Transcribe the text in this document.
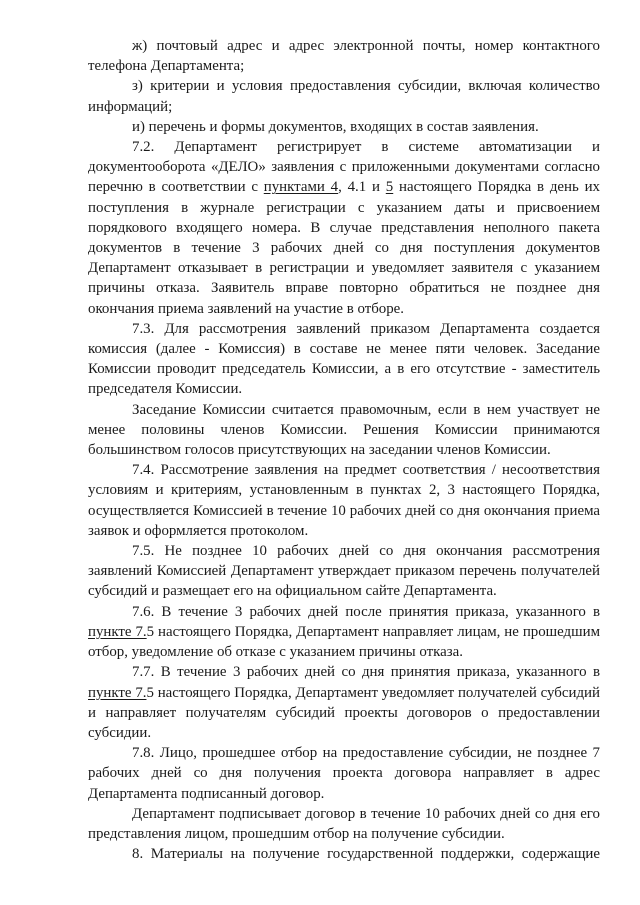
ж) почтовый адрес и адрес электронной почты, номер контактного телефона Департамента;

з) критерии и условия предоставления субсидии, включая количество информаций;

и) перечень и формы документов, входящих в состав заявления.

7.2. Департамент регистрирует в системе автоматизации и документооборота «ДЕЛО» заявления с приложенными документами согласно перечню в соответствии с пунктами 4, 4.1 и 5 настоящего Порядка в день их поступления в журнале регистрации с указанием даты и присвоением порядкового входящего номера. В случае представления неполного пакета документов в течение 3 рабочих дней со дня поступления документов Департамент отказывает в регистрации и уведомляет заявителя с указанием причины отказа. Заявитель вправе повторно обратиться не позднее дня окончания приема заявлений на участие в отборе.

7.3. Для рассмотрения заявлений приказом Департамента создается комиссия (далее - Комиссия) в составе не менее пяти человек. Заседание Комиссии проводит председатель Комиссии, а в его отсутствие - заместитель председателя Комиссии.

Заседание Комиссии считается правомочным, если в нем участвует не менее половины членов Комиссии. Решения Комиссии принимаются большинством голосов присутствующих на заседании членов Комиссии.

7.4. Рассмотрение заявления на предмет соответствия / несоответствия условиям и критериям, установленным в пунктах 2, 3 настоящего Порядка, осуществляется Комиссией в течение 10 рабочих дней со дня окончания приема заявок и оформляется протоколом.

7.5. Не позднее 10 рабочих дней со дня окончания рассмотрения заявлений Комиссией Департамент утверждает приказом перечень получателей субсидий и размещает его на официальном сайте Департамента.

7.6. В течение 3 рабочих дней после принятия приказа, указанного в пункте 7.5 настоящего Порядка, Департамент направляет лицам, не прошедшим отбор, уведомление об отказе с указанием причины отказа.

7.7. В течение 3 рабочих дней со дня принятия приказа, указанного в пункте 7.5 настоящего Порядка, Департамент уведомляет получателей субсидий и направляет получателям субсидий проекты договоров о предоставлении субсидии.

7.8. Лицо, прошедшее отбор на предоставление субсидии, не позднее 7 рабочих дней со дня получения проекта договора направляет в адрес Департамента подписанный договор.

Департамент подписывает договор в течение 10 рабочих дней со дня его представления лицом, прошедшим отбор на получение субсидии.

8. Материалы на получение государственной поддержки, содержащие
